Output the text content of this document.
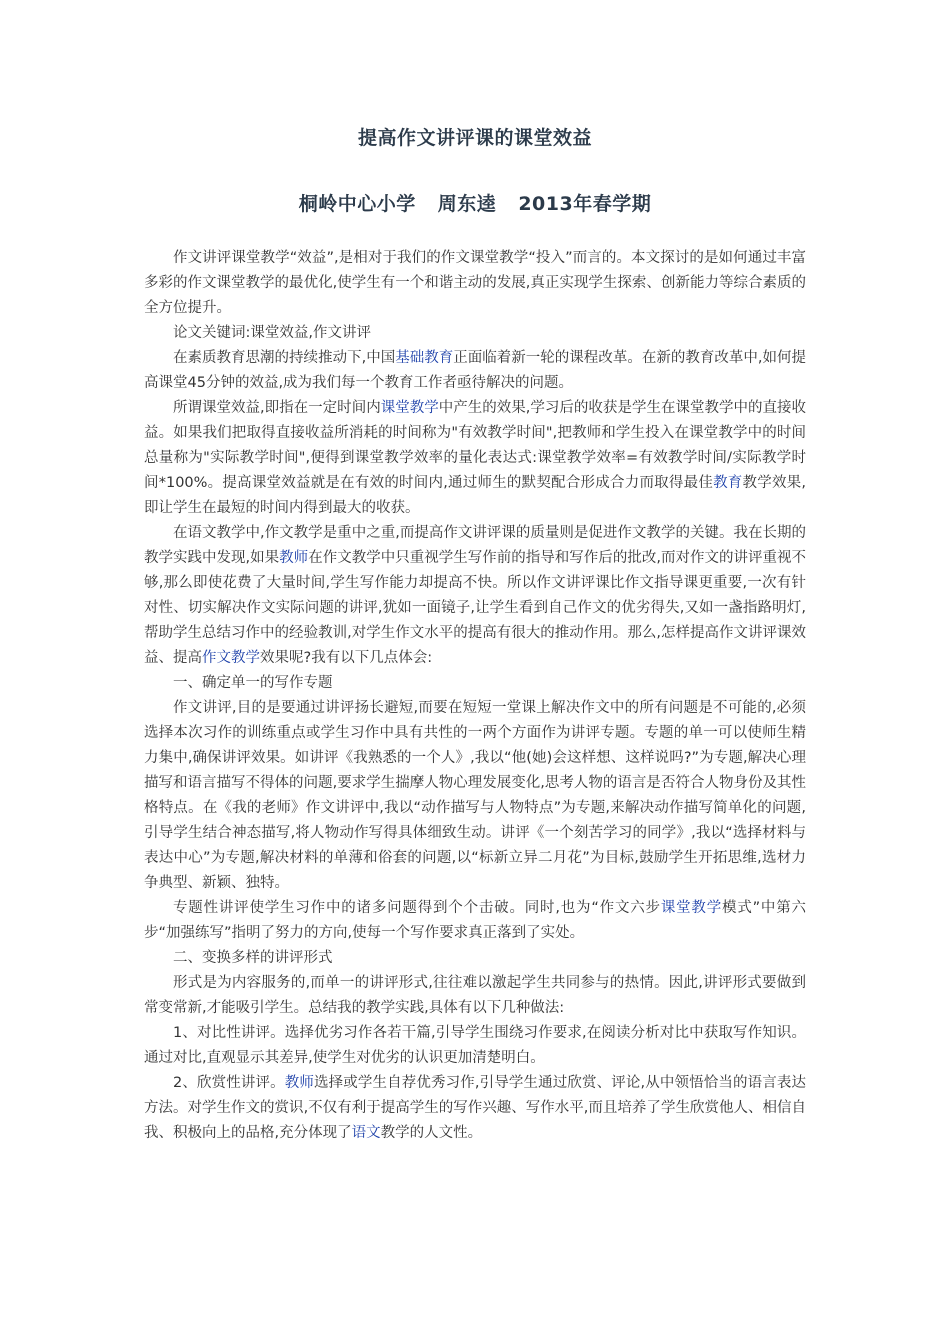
提高作文讲评课的课堂效益
桐岭中心小学 周东逵 2013年春学期

作文讲评课堂教学“效益”,是相对于我们的作文课堂教学“投入”而言的。本文探讨的是如何通过丰富多彩的作文课堂教学的最优化,使学生有一个和谐主动的发展,真正实现学生探索、创新能力等综合素质的全方位提升。

论文关键词:课堂效益,作文讲评

在素质教育思潮的持续推动下,中国基础教育正面临着新一轮的课程改革。在新的教育改革中,如何提高课堂45分钟的效益,成为我们每一个教育工作者亟待解决的问题。

所谓课堂效益,即指在一定时间内课堂教学中产生的效果,学习后的收获是学生在课堂教学中的直接收益。如果我们把取得直接收益所消耗的时间称为"有效教学时间",把教师和学生投入在课堂教学中的时间总量称为"实际教学时间",便得到课堂教学效率的量化表达式:课堂教学效率=有效教学时间/实际教学时间*100%。提高课堂效益就是在有效的时间内,通过师生的默契配合形成合力而取得最佳教育教学效果,即让学生在最短的时间内得到最大的收获。

在语文教学中,作文教学是重中之重,而提高作文讲评课的质量则是促进作文教学的关键。我在长期的教学实践中发现,如果教师在作文教学中只重视学生写作前的指导和写作后的批改,而对作文的讲评重视不够,那么即使花费了大量时间,学生写作能力却提高不快。所以作文讲评课比作文指导课更重要,一次有针对性、切实解决作文实际问题的讲评,犹如一面镜子,让学生看到自己作文的优劣得失,又如一盏指路明灯,帮助学生总结习作中的经验教训,对学生作文水平的提高有很大的推动作用。那么,怎样提高作文讲评课效益、提高作文教学效果呢?我有以下几点体会:

一、确定单一的写作专题

作文讲评,目的是要通过讲评扬长避短,而要在短短一堂课上解决作文中的所有问题是不可能的,必须选择本次习作的训练重点或学生习作中具有共性的一两个方面作为讲评专题。专题的单一可以使师生精力集中,确保讲评效果。如讲评《我熟悉的一个人》,我以“他(她)会这样想、这样说吗?”为专题,解决心理描写和语言描写不得体的问题,要求学生揣摩人物心理发展变化,思考人物的语言是否符合人物身份及其性格特点。在《我的老师》作文讲评中,我以“动作描写与人物特点”为专题,来解决动作描写简单化的问题,引导学生结合神态描写,将人物动作写得具体细致生动。讲评《一个刻苦学习的同学》,我以“选择材料与表达中心”为专题,解决材料的单薄和俗套的问题,以“标新立异二月花”为目标,鼓励学生开拓思维,选材力争典型、新颖、独特。

专题性讲评使学生习作中的诸多问题得到个个击破。同时,也为“作文六步课堂教学模式”中第六步“加强练写”指明了努力的方向,使每一个写作要求真正落到了实处。

二、变换多样的讲评形式

形式是为内容服务的,而单一的讲评形式,往往难以激起学生共同参与的热情。因此,讲评形式要做到常变常新,才能吸引学生。总结我的教学实践,具体有以下几种做法:

1、对比性讲评。选择优劣习作各若干篇,引导学生围绕习作要求,在阅读分析对比中获取写作知识。通过对比,直观显示其差异,使学生对优劣的认识更加清楚明白。

2、欣赏性讲评。教师选择或学生自荐优秀习作,引导学生通过欣赏、评论,从中领悟恰当的语言表达方法。对学生作文的赏识,不仅有利于提高学生的写作兴趣、写作水平,而且培养了学生欣赏他人、相信自我、积极向上的品格,充分体现了语文教学的人文性。
